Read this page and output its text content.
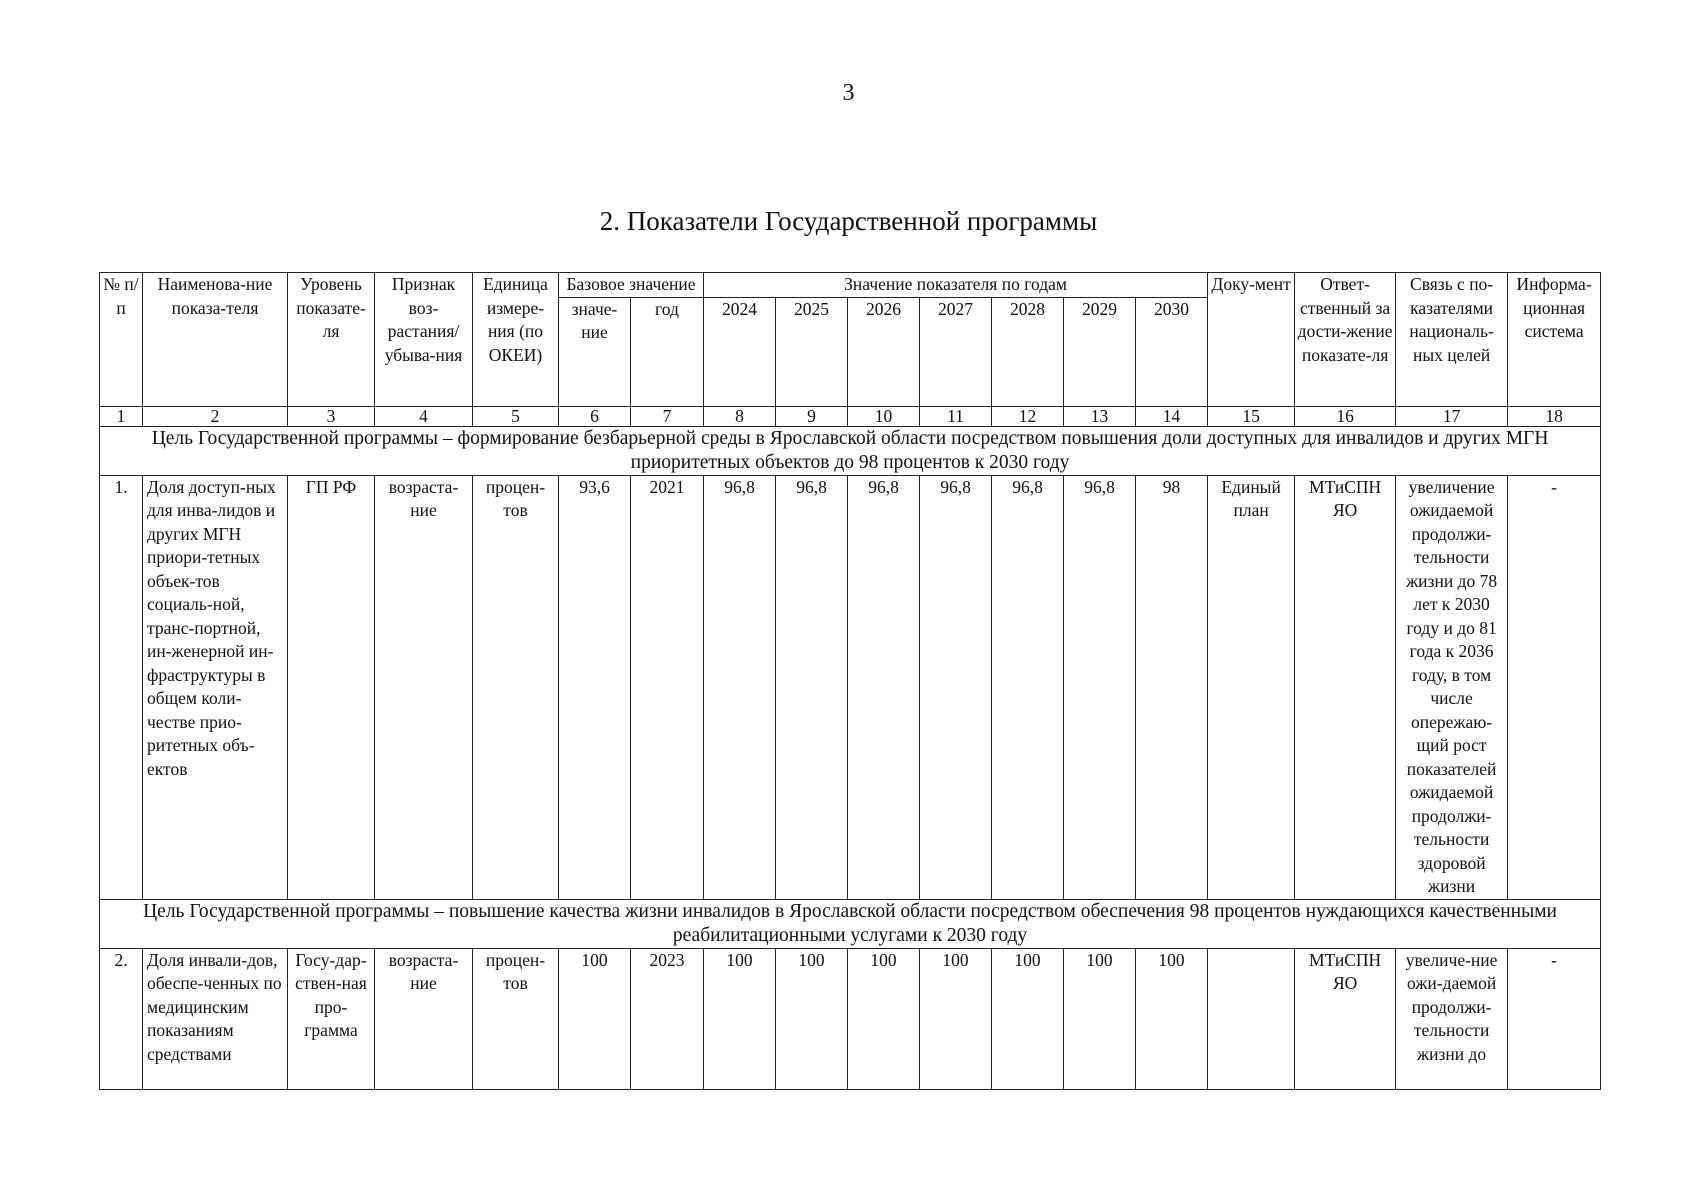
3
2. Показатели Государственной программы
№ п/п	Наименова-ние показа-теля	Уровень показате-ля	Признак воз-растания/ убыва-ния	Единица измере-ния (по ОКЕИ)	Базовое значение		Значение показателя по годам							Доку-мент	Ответ-ственный за дости-жение показате-ля	Связь с по-казателями националь-ных целей	Информа-ционная система
							2024	2025	2026	2027	2028	2029	2030				
					значе-ние	год											
1	2	3	4	5	6	7	8	9	10	11	12	13	14	15	16	17	18
Цель Государственной программы – формирование безбарьерной среды в Ярославской области посредством повышения доли доступных для инвалидов и других МГН приоритетных объектов до 98 процентов к 2030 году																	
1.	Доля доступ-ных для инва-лидов и других МГН приори-тетных объек-тов социаль-ной, транс-портной, ин-женерной ин-фраструктуры в общем коли-честве прио-ритетных объ-ектов	ГП РФ	возраста-ние	процен-тов	93,6	2021	96,8	96,8	96,8	96,8	96,8	96,8	98	Единый план	МТиСПН ЯО	увеличение ожидаемой продолжи-тельности жизни до 78 лет к 2030 году и до 81 года к 2036 году, в том числе опережаю-щий рост показателей ожидаемой продолжи-тельности здоровой жизни	-
Цель Государственной программы – повышение качества жизни инвалидов в Ярославской области посредством обеспечения 98 процентов нуждающихся качественными реабилитационными услугами к 2030 году																	
2.	Доля инвали-дов, обеспе-ченных по медицинским показаниям средствами	Госу-дар-ствен-ная про-грамма	возраста-ние	процен-тов	100	2023	100	100	100	100	100	100	100		МТиСПН ЯО	увеличе-ние ожи-даемой продолжи-тельности жизни до	-
